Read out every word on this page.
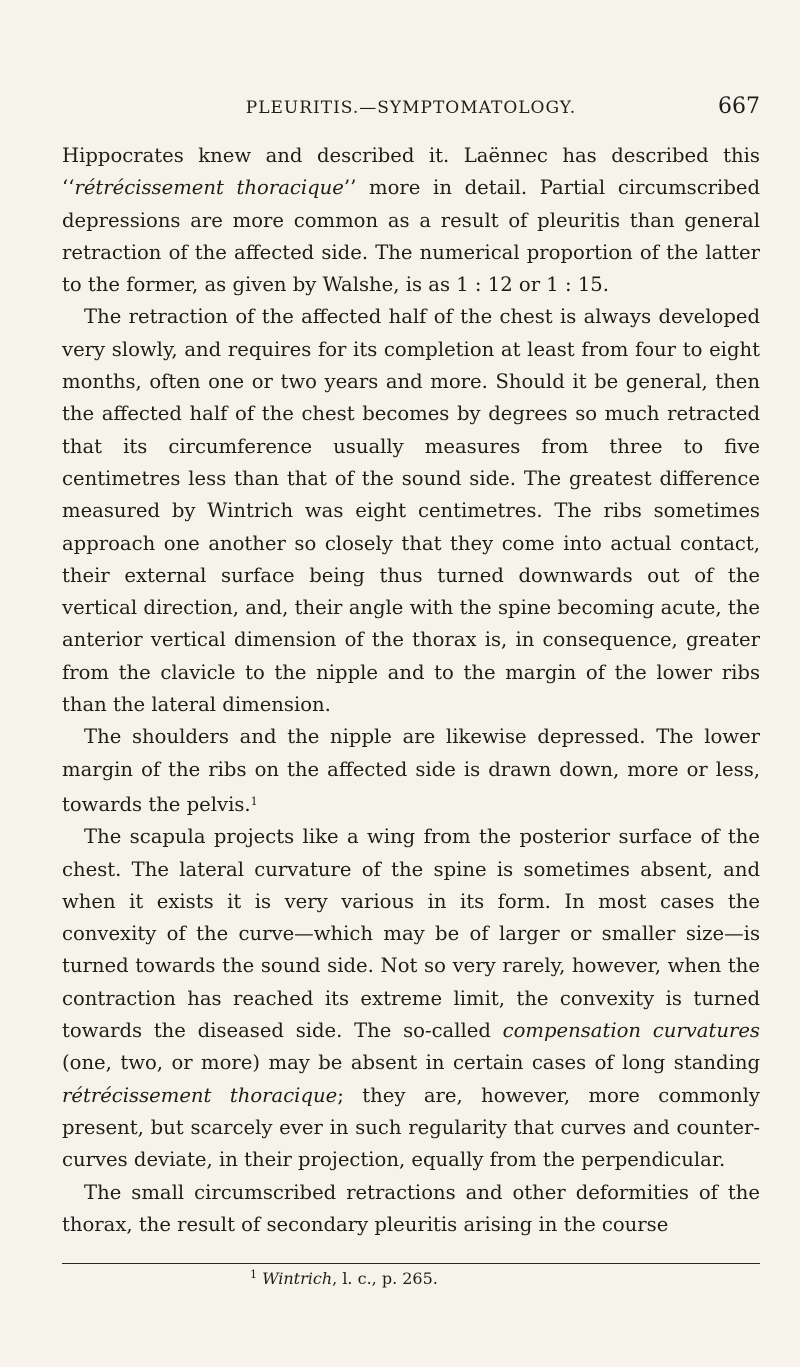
PLEURITIS.—SYMPTOMATOLOGY.	667

Hippocrates knew and described it. Laënnec has described this ‘‘rétrécissement thoracique’’ more in detail. Partial circumscribed depressions are more common as a result of pleuritis than general retraction of the affected side. The numerical proportion of the latter to the former, as given by Walshe, is as 1 : 12 or 1 : 15.

The retraction of the affected half of the chest is always developed very slowly, and requires for its completion at least from four to eight months, often one or two years and more. Should it be general, then the affected half of the chest becomes by degrees so much retracted that its circumference usually measures from three to five centimetres less than that of the sound side. The greatest difference measured by Wintrich was eight centimetres. The ribs sometimes approach one another so closely that they come into actual contact, their external surface being thus turned downwards out of the vertical direction, and, their angle with the spine becoming acute, the anterior vertical dimension of the thorax is, in consequence, greater from the clavicle to the nipple and to the margin of the lower ribs than the lateral dimension.

The shoulders and the nipple are likewise depressed. The lower margin of the ribs on the affected side is drawn down, more or less, towards the pelvis.$^1$

The scapula projects like a wing from the posterior surface of the chest. The lateral curvature of the spine is sometimes absent, and when it exists it is very various in its form. In most cases the convexity of the curve—which may be of larger or smaller size—is turned towards the sound side. Not so very rarely, however, when the contraction has reached its extreme limit, the convexity is turned towards the diseased side. The so-called compensation curvatures (one, two, or more) may be absent in certain cases of long standing rétrécissement thoracique; they are, however, more commonly present, but scarcely ever in such regularity that curves and counter-curves deviate, in their projection, equally from the perpendicular.

The small circumscribed retractions and other deformities of the thorax, the result of secondary pleuritis arising in the course

$^1$ Wintrich, l. c., p. 265.
